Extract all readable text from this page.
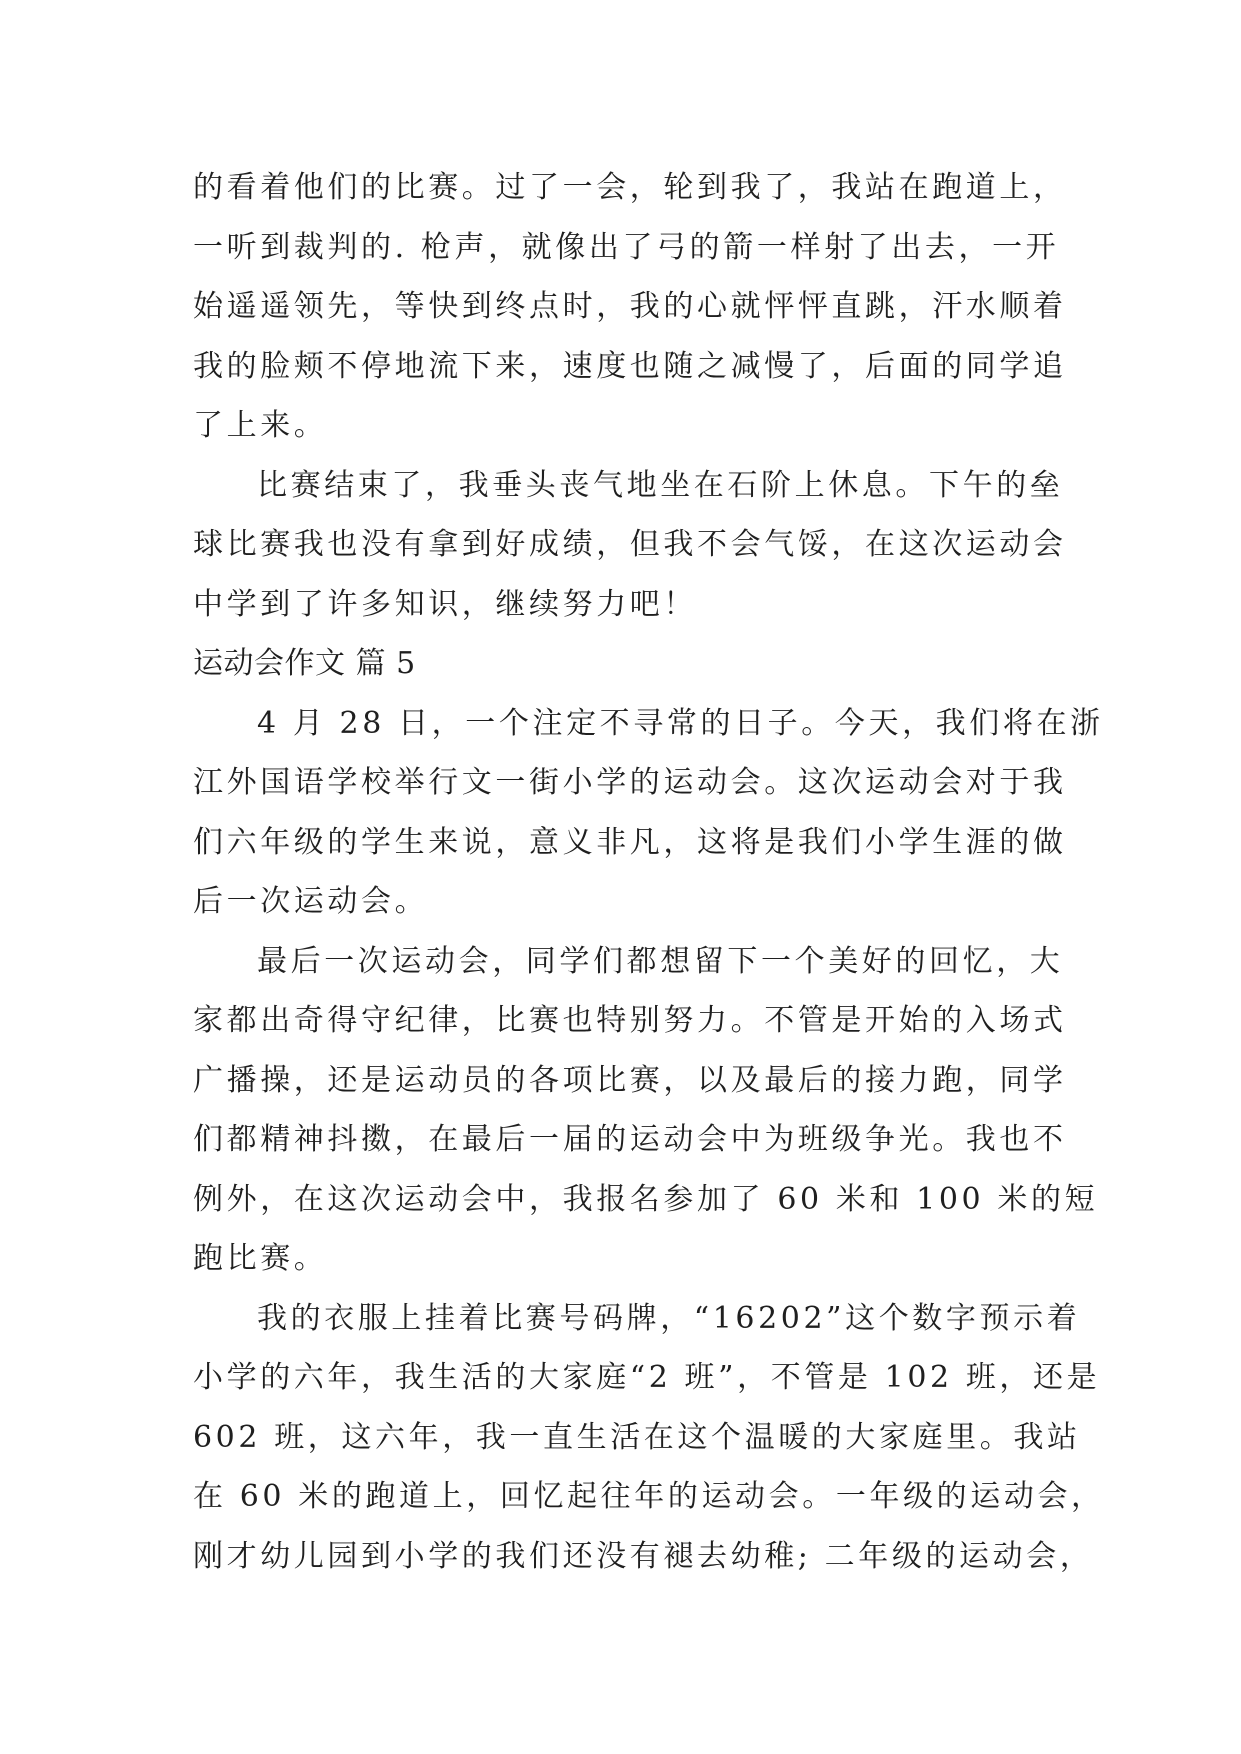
的看着他们的比赛。过了一会，轮到我了，我站在跑道上，
一听到裁判的. 枪声，就像出了弓的箭一样射了出去，一开
始遥遥领先，等快到终点时，我的心就怦怦直跳，汗水顺着
我的脸颊不停地流下来，速度也随之减慢了，后面的同学追
了上来。
比赛结束了，我垂头丧气地坐在石阶上休息。下午的垒
球比赛我也没有拿到好成绩，但我不会气馁，在这次运动会
中学到了许多知识，继续努力吧！
运动会作文 篇 5
4 月 28 日，一个注定不寻常的日子。今天，我们将在浙
江外国语学校举行文一街小学的运动会。这次运动会对于我
们六年级的学生来说，意义非凡，这将是我们小学生涯的做
后一次运动会。
最后一次运动会，同学们都想留下一个美好的回忆，大
家都出奇得守纪律，比赛也特别努力。不管是开始的入场式
广播操，还是运动员的各项比赛，以及最后的接力跑，同学
们都精神抖擞，在最后一届的运动会中为班级争光。我也不
例外，在这次运动会中，我报名参加了 60 米和 100 米的短
跑比赛。
我的衣服上挂着比赛号码牌，“16202”这个数字预示着
小学的六年，我生活的大家庭“2 班”，不管是 102 班，还是
602 班，这六年，我一直生活在这个温暖的大家庭里。我站
在 60 米的跑道上，回忆起往年的运动会。一年级的运动会，
刚才幼儿园到小学的我们还没有褪去幼稚; 二年级的运动会，
